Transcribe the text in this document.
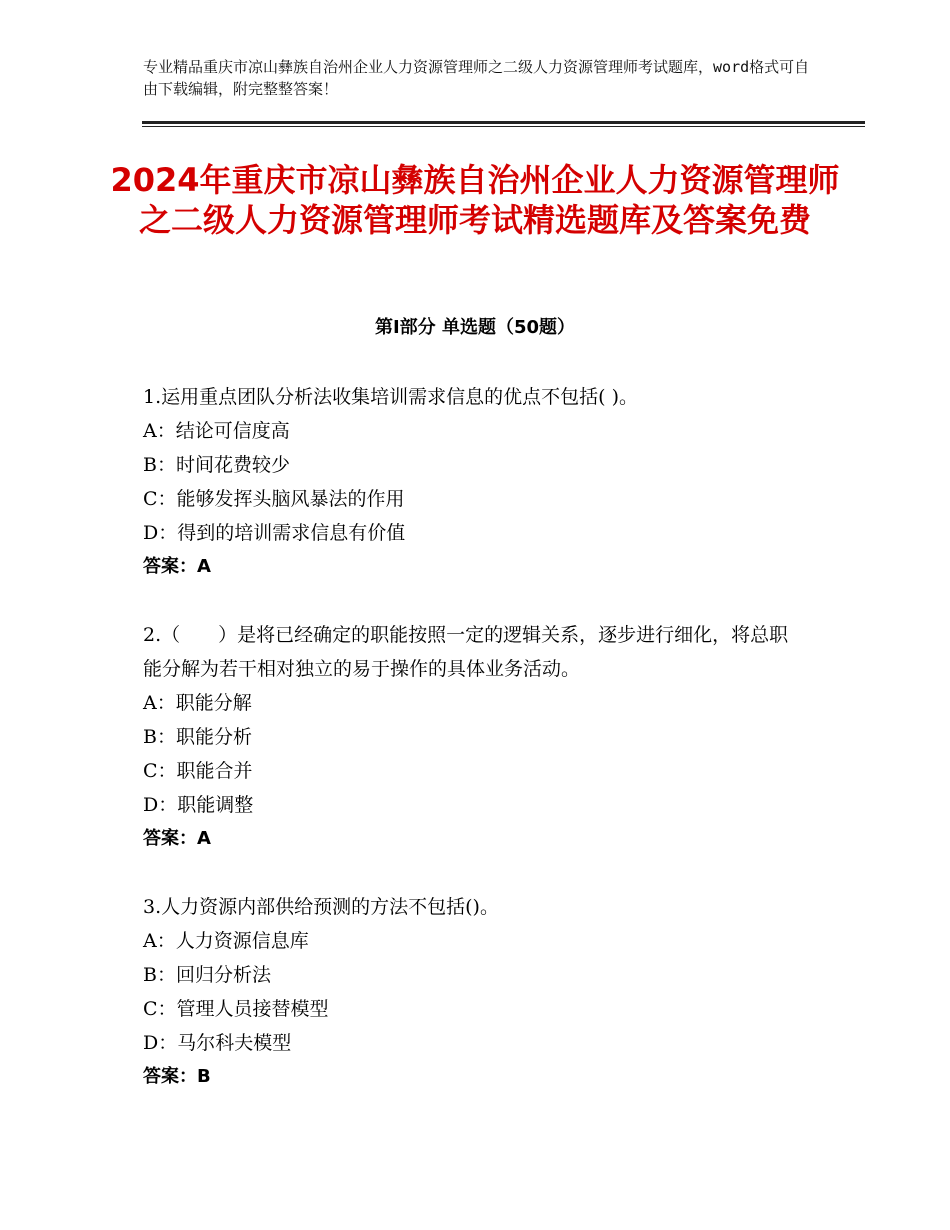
专业精品重庆市凉山彝族自治州企业人力资源管理师之二级人力资源管理师考试题库，word格式可自由下载编辑，附完整整答案！
2024年重庆市凉山彝族自治州企业人力资源管理师之二级人力资源管理师考试精选题库及答案免费
第Ⅰ部分 单选题（50题）

1.运用重点团队分析法收集培训需求信息的优点不包括( )。

A：结论可信度高

B：时间花费较少

C：能够发挥头脑风暴法的作用

D：得到的培训需求信息有价值

答案：A

2.（　　）是将已经确定的职能按照一定的逻辑关系，逐步进行细化，将总职能分解为若干相对独立的易于操作的具体业务活动。

A：职能分解

B：职能分析

C：职能合并

D：职能调整

答案：A

3.人力资源内部供给预测的方法不包括()。

A：人力资源信息库

B：回归分析法

C：管理人员接替模型

D：马尔科夫模型

答案：B
